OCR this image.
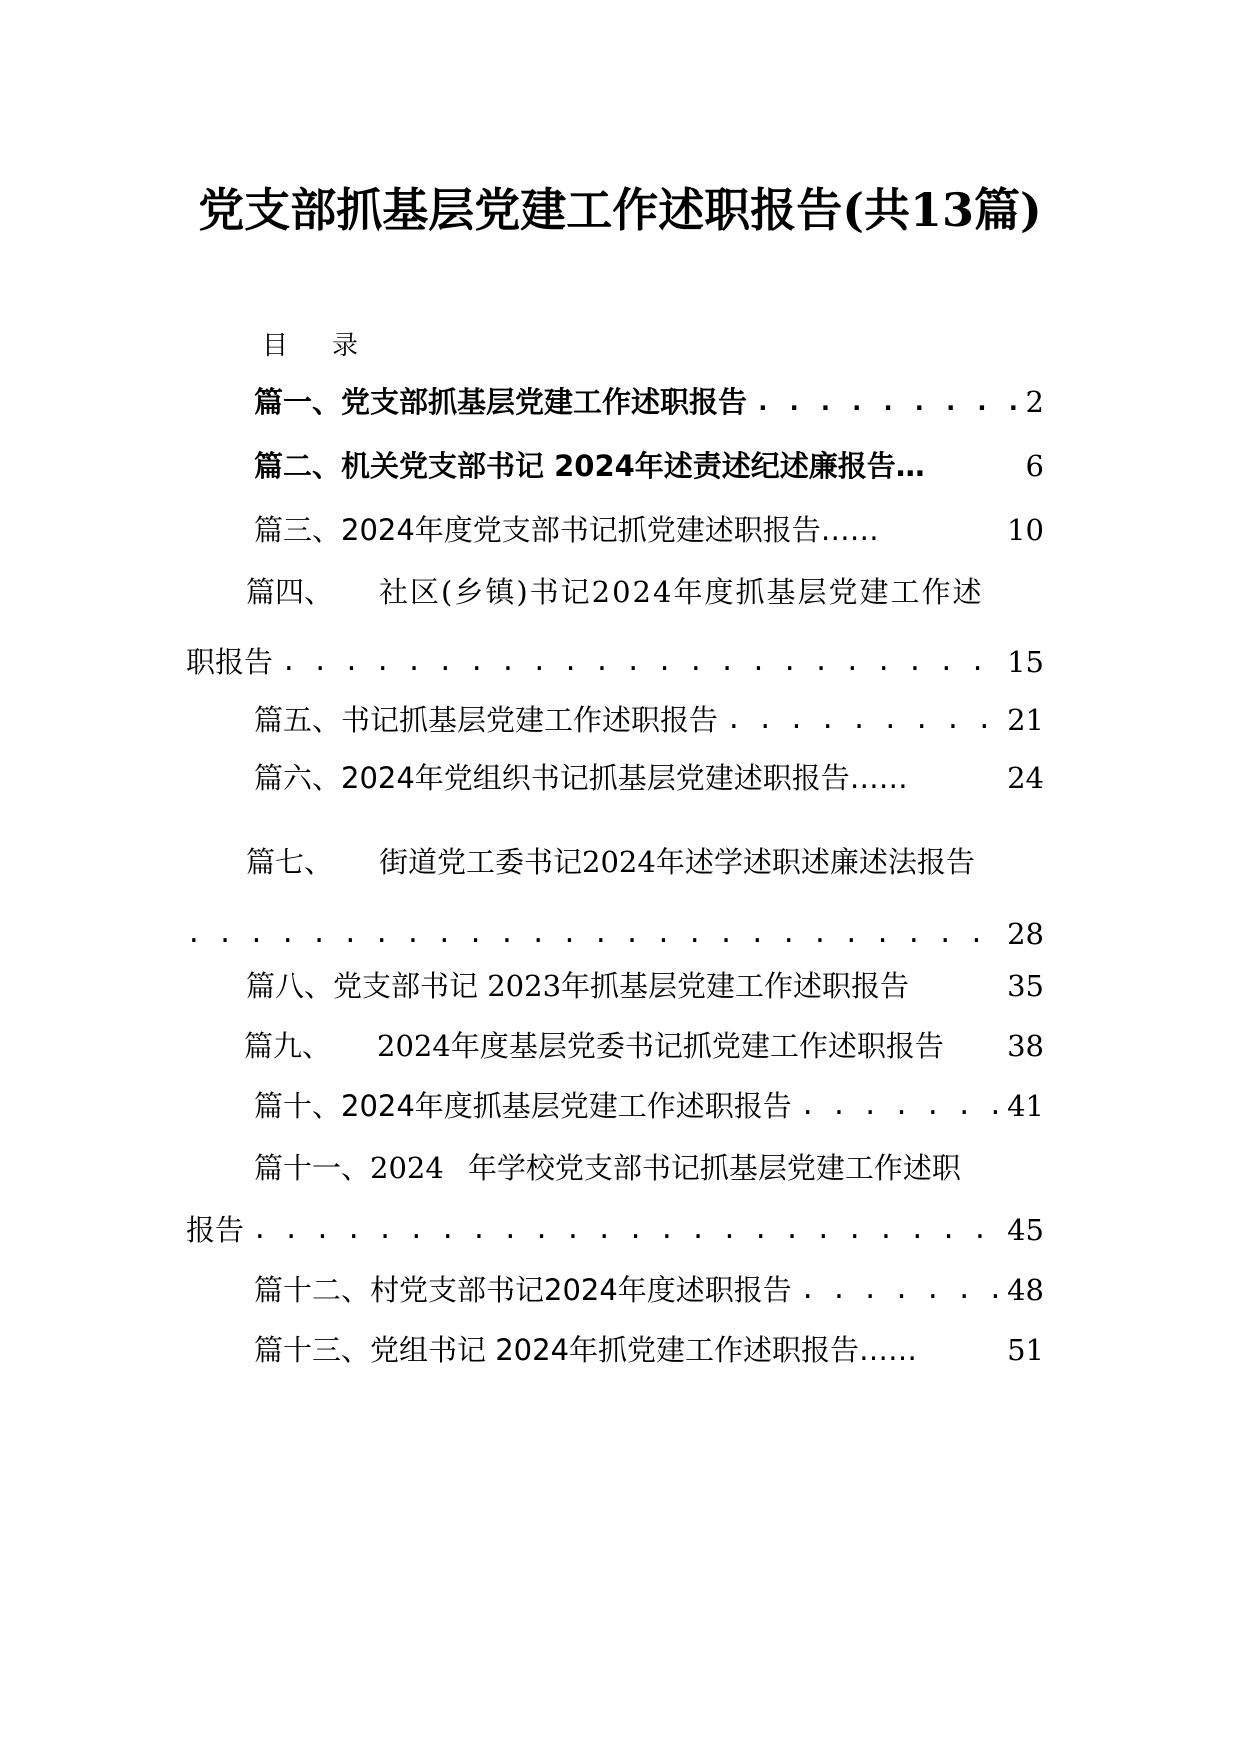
党支部抓基层党建工作述职报告(共13篇)
目录
篇一、党支部抓基层党建工作述职报告 . . .	2
篇二、机关党支部书记 2024年述责述纪述廉报告…	6
篇三、2024年度党支部书记抓党建述职报告……	10
篇四、 社区(乡镇)书记2024年度抓基层党建工作述
职报告 . . .	15
篇五、书记抓基层党建工作述职报告 . . .	21
篇六、2024年党组织书记抓基层党建述职报告……	24
篇七、 街道党工委书记2024年述学述职述廉述法报告
. . .
28
篇八、党支部书记 2023年抓基层党建工作述职报告	35
篇九、 2024年度基层党委书记抓党建工作述职报告 38
篇十、2024年度抓基层党建工作述职报告 . . .	41
篇十一、2024 年学校党支部书记抓基层党建工作述职
报告 . . .	45
篇十二、村党支部书记2024年度述职报告 . . .	48
篇十三、党组书记 2024年抓党建工作述职报告……	51
